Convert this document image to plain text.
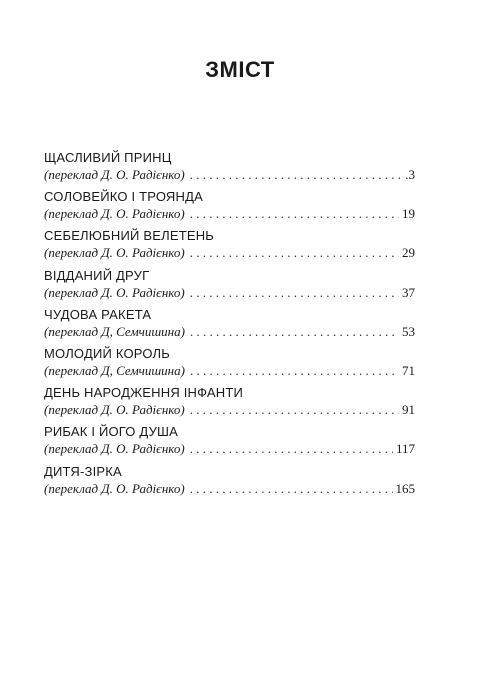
ЗМІСТ
ЩАСЛИВИЙ ПРИНЦ
(переклад Д. О. Радієнко) . . .	.3
СОЛОВЕЙКО І ТРОЯНДА
(переклад Д. О. Радієнко) . . .	19
СЕБЕЛЮБНИЙ ВЕЛЕТЕНЬ
(переклад Д. О. Радієнко) . . .	29
ВІДДАНИЙ ДРУГ
(переклад Д. О. Радієнко) . . .	37
ЧУДОВА РАКЕТА
(переклад Д, Семчишина) . . .	53
МОЛОДИЙ КОРОЛЬ
(переклад Д, Семчишина) . . .	71
ДЕНЬ НАРОДЖЕННЯ ІНФАНТИ
(переклад Д. О. Радієнко) . . .	91
РИБАК І ЙОГО ДУША
(переклад Д. О. Радієнко) . . .	117
ДИТЯ-ЗІРКА
(переклад Д. О. Радієнко) . . .	165
